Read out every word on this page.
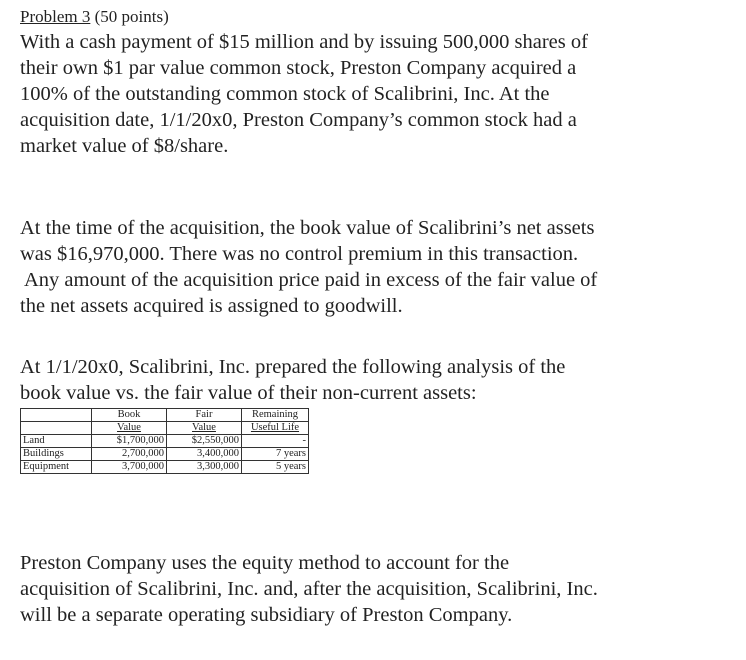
Problem 3 (50 points)

With a cash payment of $15 million and by issuing 500,000 shares of
their own $1 par value common stock, Preston Company acquired a
100% of the outstanding common stock of Scalibrini, Inc. At the
acquisition date, 1/1/20x0, Preston Company’s common stock had a
market value of $8/share.

At the time of the acquisition, the book value of Scalibrini’s net assets
was $16,970,000. There was no control premium in this transaction.
Any amount of the acquisition price paid in excess of the fair value of
the net assets acquired is assigned to goodwill.

At 1/1/20x0, Scalibrini, Inc. prepared the following analysis of the
book value vs. the fair value of their non-current assets:

	Book	Fair	Remaining
	Value	Value	Useful Life
Land	$1,700,000	$2,550,000	-
Buildings	2,700,000	3,400,000	7 years
Equipment	3,700,000	3,300,000	5 years

Preston Company uses the equity method to account for the
acquisition of Scalibrini, Inc. and, after the acquisition, Scalibrini, Inc.
will be a separate operating subsidiary of Preston Company.
